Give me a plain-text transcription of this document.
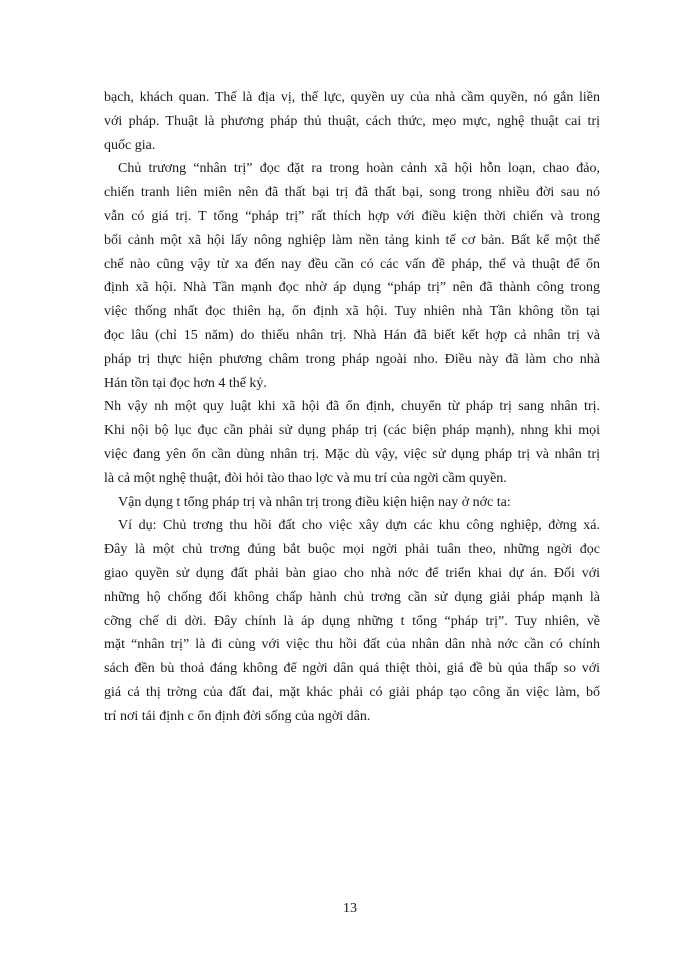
bạch, khách quan. Thế là địa vị, thế lực, quyền uy của nhà cầm quyền, nó gắn liền
với pháp. Thuật là phương pháp thủ thuật, cách thức, mẹo mực, nghệ thuật cai trị
quốc gia.
Chủ trương “nhân trị” đọc đặt ra trong hoàn cảnh xã hội hỗn loạn, chao đảo,
chiến tranh liên miên nên đã thất bại trị đã thất bại, song trong nhiều đời sau nó
vẫn có giá trị. T tổng “pháp trị” rất thích hợp với điều kiện thời chiến và trong
bối cảnh một xã hội lấy nông nghiệp làm nền tảng kinh tế cơ bản. Bất kể một thể
chế nào cũng vậy từ xa đến nay đều cần có các vấn đề pháp, thế và thuật để ổn
định xã hội. Nhà Tần mạnh đọc nhờ áp dụng “pháp trị” nên đã thành công trong
việc thống nhất đọc thiên hạ, ổn định xã hội. Tuy nhiên nhà Tần không tồn tại
đọc lâu (chỉ 15 năm) do thiếu nhân trị. Nhà Hán đã biết kết hợp cả nhân trị và
pháp trị thực hiện phương châm trong pháp ngoài nho. Điều này đã làm cho nhà
Hán tồn tại đọc hơn 4 thế kỷ.
Nh vậy nh một quy luật khi xã hội đã ổn định, chuyển từ pháp trị sang nhân trị.
Khi nội bộ lục đục cần phải sử dụng pháp trị (các biện pháp mạnh), nhng khi mọi
việc đang yên ổn cần dùng nhân trị. Mặc dù vậy, việc sử dụng pháp trị và nhân trị
là cả một nghệ thuật, đòi hỏi tào thao lợc và mu trí của ngời cầm quyền.
Vận dụng t tổng pháp trị và nhân trị trong điều kiện hiện nay ở nớc ta:
Ví dụ: Chủ trơng thu hồi đất cho việc xây dựn các khu công nghiệp, đờng xá.
Đây là một chủ trơng đúng bắt buộc mọi ngời phải tuân theo, những ngời đọc
giao quyền sử dụng đất phải bàn giao cho nhà nớc để triển khai dự án. Đối với
những hộ chống đối không chấp hành chủ trơng cần sử dụng giải pháp mạnh là
cỡng chế di dời. Đây chính là áp dụng những t tổng “pháp trị”. Tuy nhiên, về
mặt “nhân trị” là đi cùng với việc thu hồi đất của nhân dân nhà nớc cần có chính
sách đền bù thoả đáng không để ngời dân quá thiệt thòi, giá đề bù qúa thấp so với
giá cả thị trờng của đất đai, mặt khác phải có giải pháp tạo công ăn việc làm, bố
trí nơi tái định c ổn định đời sống của ngời dân.
13
